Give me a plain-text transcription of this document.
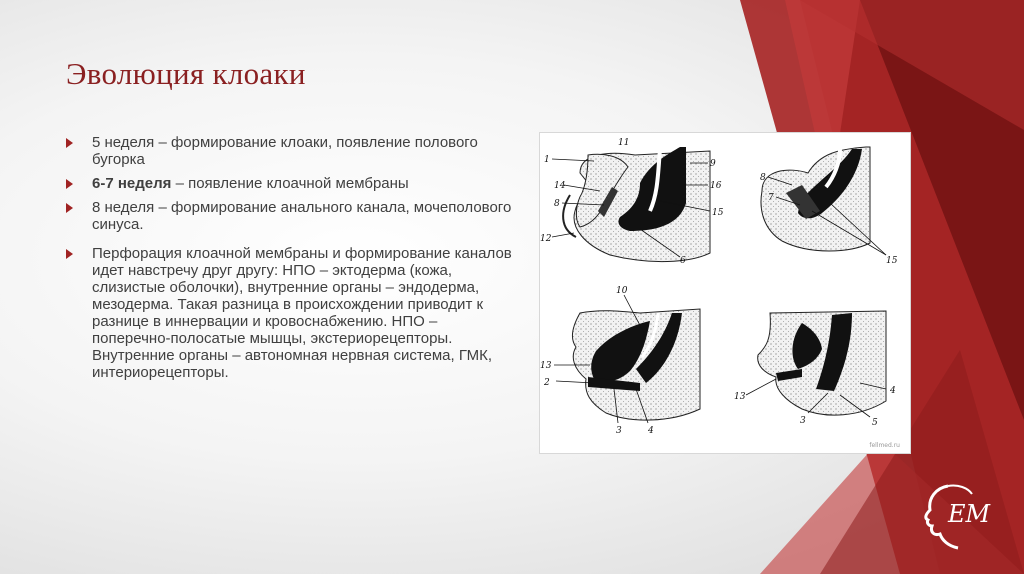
Эволюция клоаки
5 неделя – формирование клоаки, появление полового бугорка
6-7 неделя – появление клоачной мембраны
8 неделя – формирование анального канала, мочеполового синуса.
Перфорация клоачной мембраны и формирование каналов идет навстречу друг другу: НПО – эктодерма (кожа, слизистые оболочки), внутренние органы – эндодерма, мезодерма. Такая разница в происхождении приводит к разнице в иннервации и кровоснабжению. НПО – поперечно-полосатые мышцы, экстериорецепторы. Внутренние органы – автономная нервная система, ГМК, интериорецепторы.
1
11
14
8
12
9
16
15
6
8
7
15
10
13
2
3	4
13
3
4
5
fellmed.ru
ЕМ
